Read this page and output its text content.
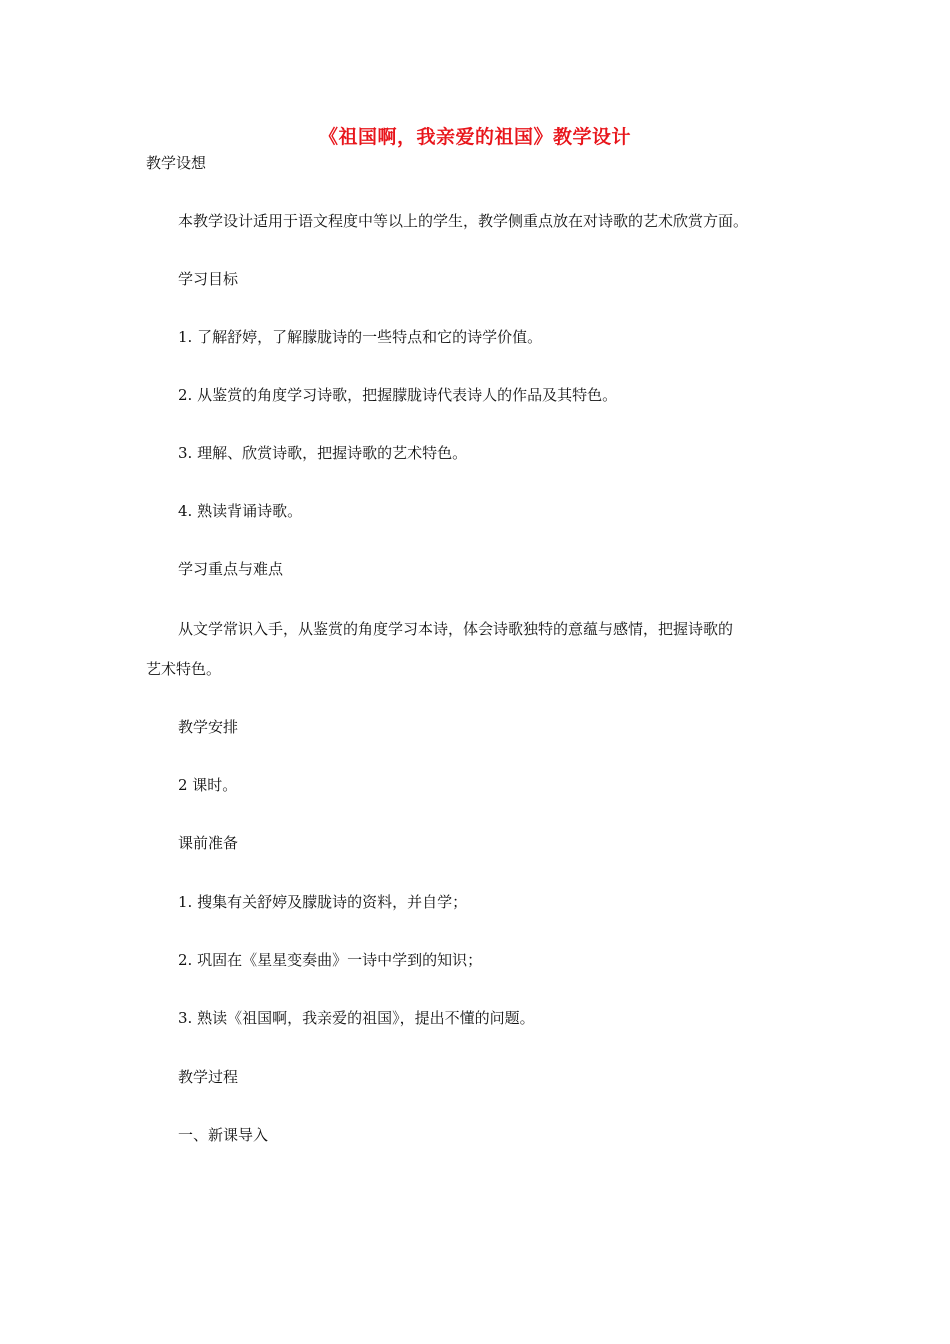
《祖国啊，我亲爱的祖国》教学设计
教学设想
本教学设计适用于语文程度中等以上的学生，教学侧重点放在对诗歌的艺术欣赏方面。
学习目标
1. 了解舒婷，了解朦胧诗的一些特点和它的诗学价值。
2. 从鉴赏的角度学习诗歌，把握朦胧诗代表诗人的作品及其特色。
3. 理解、欣赏诗歌，把握诗歌的艺术特色。
4. 熟读背诵诗歌。
学习重点与难点
从文学常识入手，从鉴赏的角度学习本诗，体会诗歌独特的意蕴与感情，把握诗歌的
艺术特色。
教学安排
2 课时。
课前准备
1. 搜集有关舒婷及朦胧诗的资料，并自学；
2. 巩固在《星星变奏曲》一诗中学到的知识；
3. 熟读《祖国啊，我亲爱的祖国》，提出不懂的问题。
教学过程
一、新课导入
